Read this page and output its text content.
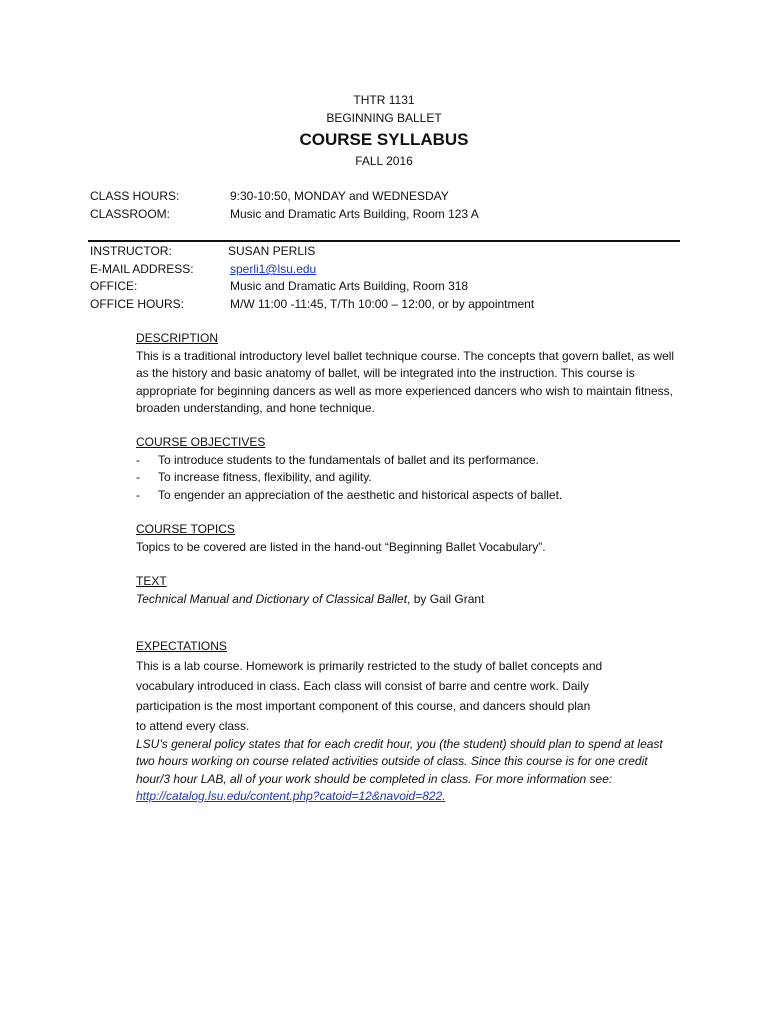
THTR 1131
BEGINNING BALLET
COURSE SYLLABUS
FALL 2016
CLASS HOURS:	9:30-10:50, MONDAY and WEDNESDAY
CLASSROOM:	Music and Dramatic Arts Building, Room 123 A
INSTRUCTOR:	SUSAN PERLIS
E-MAIL ADDRESS:	sperli1@lsu.edu
OFFICE:	Music and Dramatic Arts Building, Room 318
OFFICE HOURS:	M/W 11:00 -11:45, T/Th 10:00 – 12:00, or by appointment
DESCRIPTION

This is a traditional introductory level ballet technique course. The concepts that govern ballet, as well as the history and basic anatomy of ballet, will be integrated into the instruction. This course is appropriate for beginning dancers as well as more experienced dancers who wish to maintain fitness, broaden understanding, and hone technique.

COURSE OBJECTIVES
- To introduce students to the fundamentals of ballet and its performance.
- To increase fitness, flexibility, and agility.
- To engender an appreciation of the aesthetic and historical aspects of ballet.
COURSE TOPICS

Topics to be covered are listed in the hand-out “Beginning Ballet Vocabulary”.

TEXT

Technical Manual and Dictionary of Classical Ballet, by Gail Grant

EXPECTATIONS
This is a lab course. Homework is primarily restricted to the study of ballet concepts and
vocabulary introduced in class. Each class will consist of barre and centre work. Daily
participation is the most important component of this course, and dancers should plan
to attend every class.

LSU’s general policy states that for each credit hour, you (the student) should plan to spend at least two hours working on course related activities outside of class. Since this course is for one credit hour/3 hour LAB, all of your work should be completed in class. For more information see: http://catalog.lsu.edu/content.php?catoid=12&navoid=822.
